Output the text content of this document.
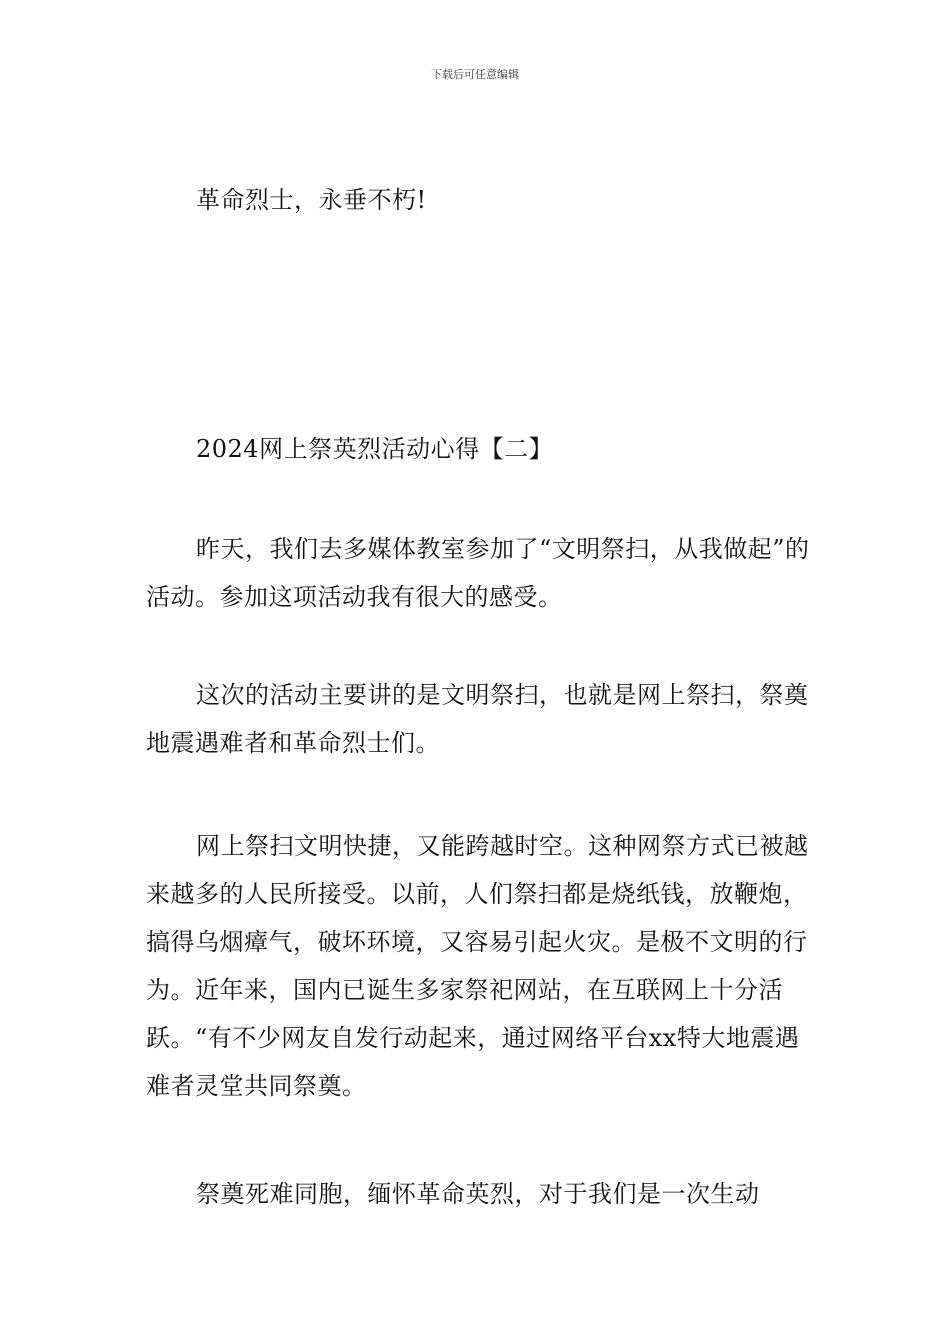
下载后可任意编辑
革命烈士，永垂不朽!
2024网上祭英烈活动心得【二】
昨天，我们去多媒体教室参加了“文明祭扫，从我做起”的活动。参加这项活动我有很大的感受。
这次的活动主要讲的是文明祭扫，也就是网上祭扫，祭奠地震遇难者和革命烈士们。
网上祭扫文明快捷，又能跨越时空。这种网祭方式已被越来越多的人民所接受。以前，人们祭扫都是烧纸钱，放鞭炮，搞得乌烟瘴气，破坏环境，又容易引起火灾。是极不文明的行为。近年来，国内已诞生多家祭祀网站，在互联网上十分活跃。“有不少网友自发行动起来，通过网络平台xx特大地震遇难者灵堂共同祭奠。
祭奠死难同胞，缅怀革命英烈，对于我们是一次生动
